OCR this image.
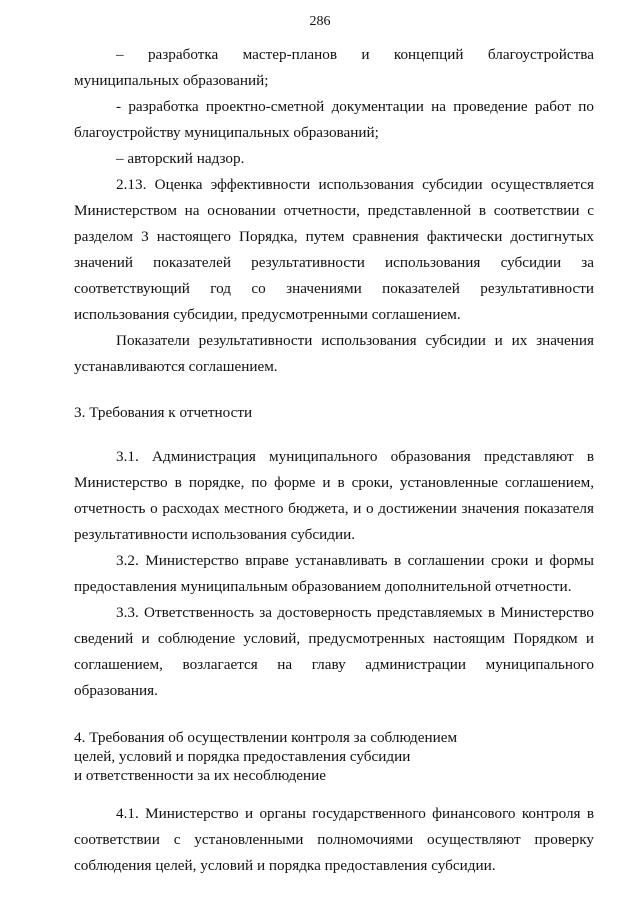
286

– разработка мастер-планов и концепций благоустройства муниципальных образований;

- разработка проектно-сметной документации на проведение работ по благоустройству муниципальных образований;

– авторский надзор.

2.13. Оценка эффективности использования субсидии осуществляется Министерством на основании отчетности, представленной в соответствии с разделом 3 настоящего Порядка, путем сравнения фактически достигнутых значений показателей результативности использования субсидии за соответствующий год со значениями показателей результативности использования субсидии, предусмотренными соглашением.

Показатели результативности использования субсидии и их значения устанавливаются соглашением.

3. Требования к отчетности

3.1. Администрация муниципального образования представляют в Министерство в порядке, по форме и в сроки, установленные соглашением, отчетность о расходах местного бюджета, и о достижении значения показателя результативности использования субсидии.

3.2. Министерство вправе устанавливать в соглашении сроки и формы предоставления муниципальным образованием дополнительной отчетности.

3.3. Ответственность за достоверность представляемых в Министерство сведений и соблюдение условий, предусмотренных настоящим Порядком и соглашением, возлагается на главу администрации муниципального образования.

4. Требования об осуществлении контроля за соблюдением

целей, условий и порядка предоставления субсидии

и ответственности за их несоблюдение

4.1. Министерство и органы государственного финансового контроля в соответствии с установленными полномочиями осуществляют проверку соблюдения целей, условий и порядка предоставления субсидии.
